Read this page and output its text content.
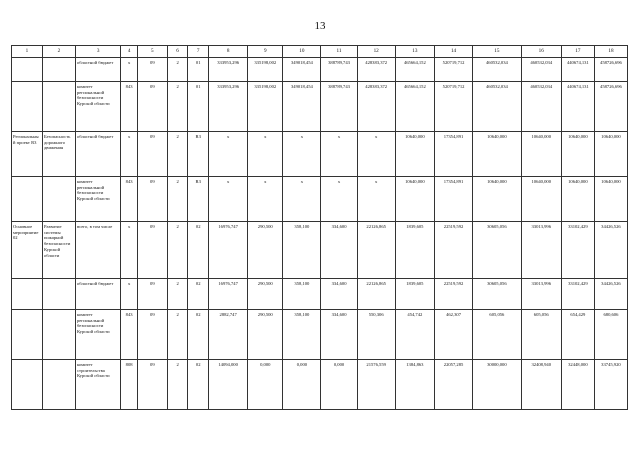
13
1	2	3	4	5	6	7	8	9	10	11	12	13	14	15	16	17	18
		областной бюджет	х	09	2	01	333953,296	335198,002	349018,454	388789,743	428383,372	465664,152	520719,712	460532,034	460532,034	440674,131	458726,696
		комитет региональной безопасности Курской области	843	09	2	01	333953,296	335198,002	349018,454	388789,743	428383,372	465664,152	520719,712	460532,034	460532,034	440674,131	458726,696
Региональный проект R3	Безопасность дорожного движения	областной бюджет	х	09	2	R3	х	х	х	х	х	10640,000	17354,891	10640,000	10640,000	10640,000	10640,000
		комитет региональной безопасности Курской области	843	09	2	R3	х	х	х	х	х	10640,000	17354,891	10640,000	10640,000	10640,000	10640,000
Основное мероприятие 02	Развитие системы пожарной безопасности Курской области	всего, в том числе	х	09	2	02	16976,747	290,500	358,100	334,600	22126,865	1839,605	22519,592	30605,056	33013,996	33102,429	34426,526
		областной бюджет	х	09	2	02	16976,747	290,500	358,100	334,600	22126,865	1839,605	22519,592	30605,056	33013,996	33102,429	34426,526
		комитет региональной безопасности Курской области	843	09	2	02	2882,747	290,500	358,100	334,600	550,306	454,742	462,307	605,056	605,056	654,429	680,606
		комитет строительства Курской области	808	09	2	02	14094,000	0,000	0,000	0,000	21576,559	1384,863	22057,285	30000,000	32408,940	32448,000	33745,920
